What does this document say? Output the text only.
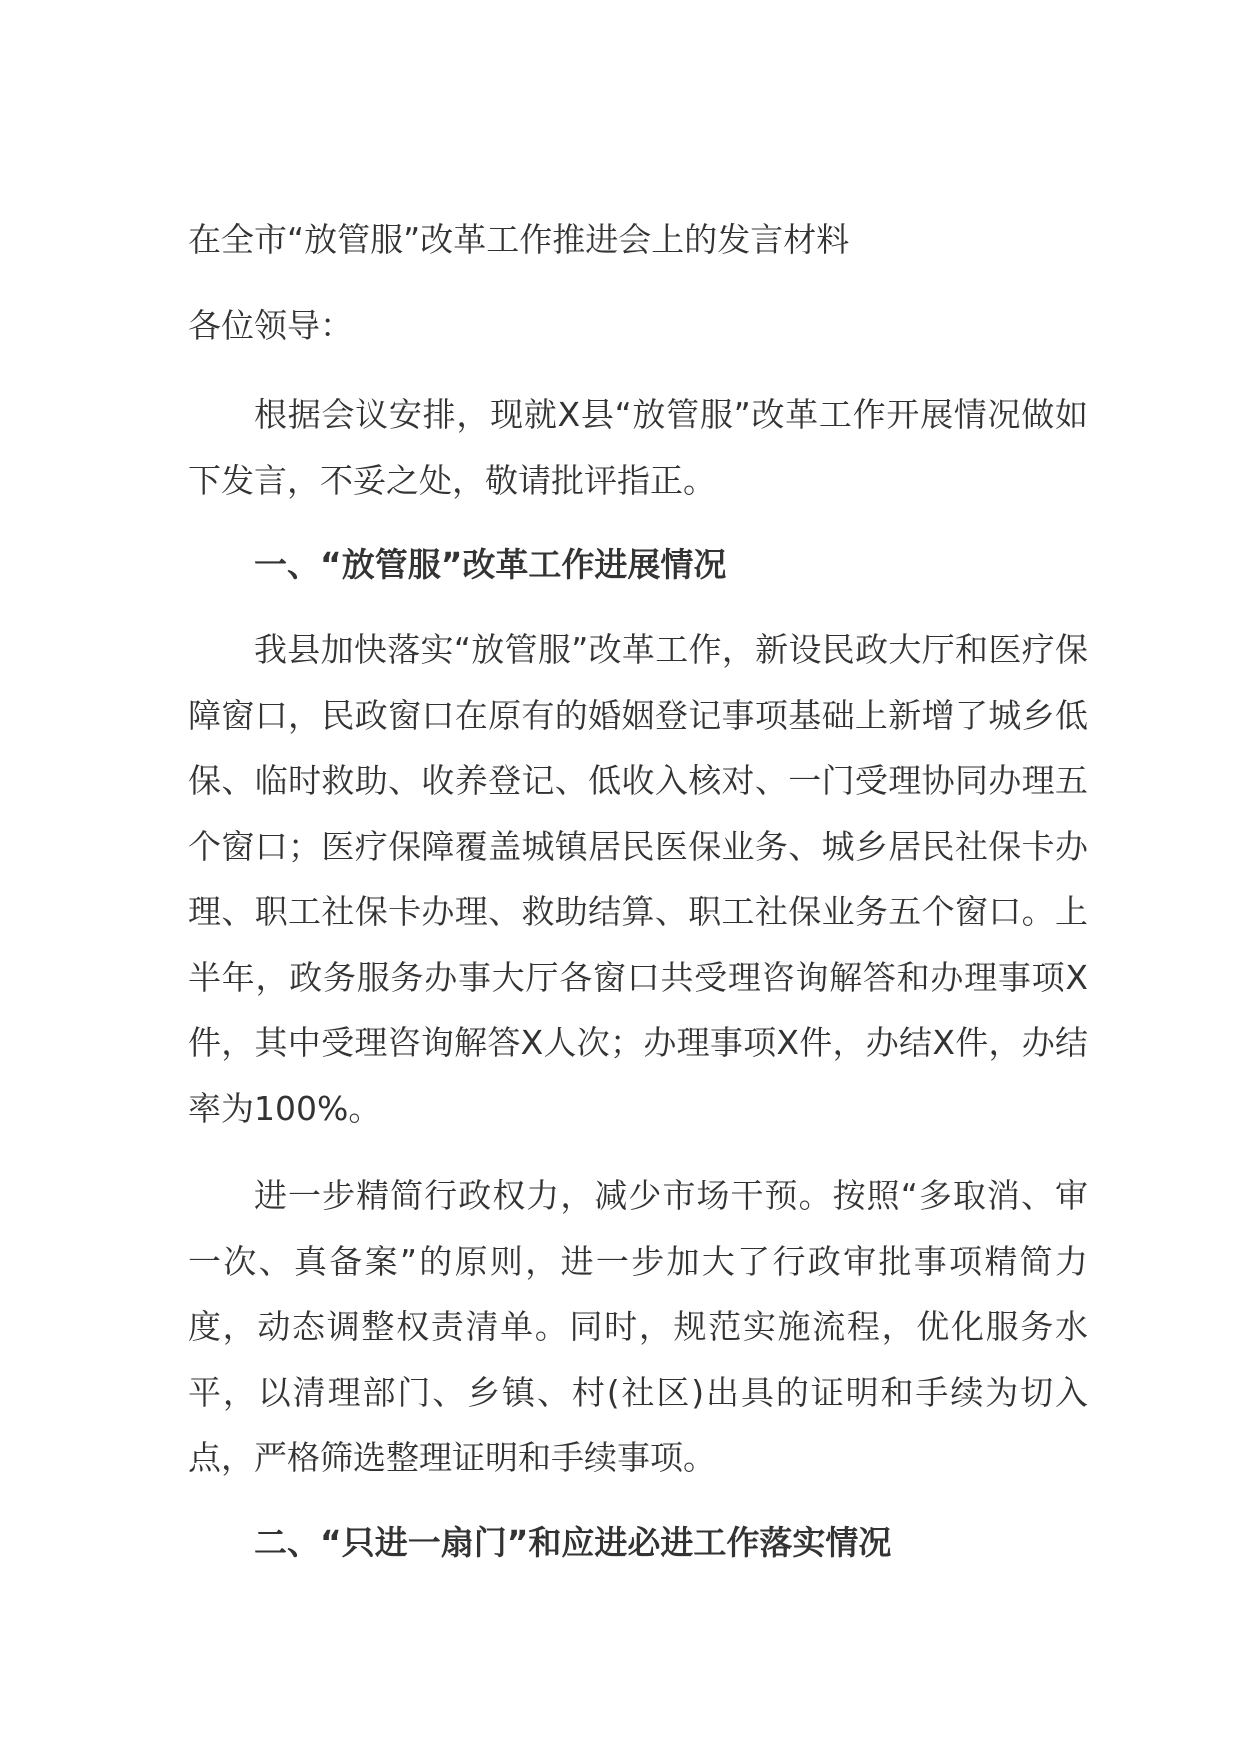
在全市“放管服”改革工作推进会上的发言材料
各位领导：

根据会议安排，现就X县“放管服”改革工作开展情况做如下发言，不妥之处，敬请批评指正。

一、“放管服”改革工作进展情况

我县加快落实“放管服”改革工作，新设民政大厅和医疗保障窗口，民政窗口在原有的婚姻登记事项基础上新增了城乡低保、临时救助、收养登记、低收入核对、一门受理协同办理五个窗口；医疗保障覆盖城镇居民医保业务、城乡居民社保卡办理、职工社保卡办理、救助结算、职工社保业务五个窗口。上半年，政务服务办事大厅各窗口共受理咨询解答和办理事项X件，其中受理咨询解答X人次；办理事项X件，办结X件，办结率为100%。

进一步精简行政权力，减少市场干预。按照“多取消、审一次、真备案”的原则，进一步加大了行政审批事项精简力度，动态调整权责清单。同时，规范实施流程，优化服务水平，以清理部门、乡镇、村(社区)出具的证明和手续为切入点，严格筛选整理证明和手续事项。

二、“只进一扇门”和应进必进工作落实情况
